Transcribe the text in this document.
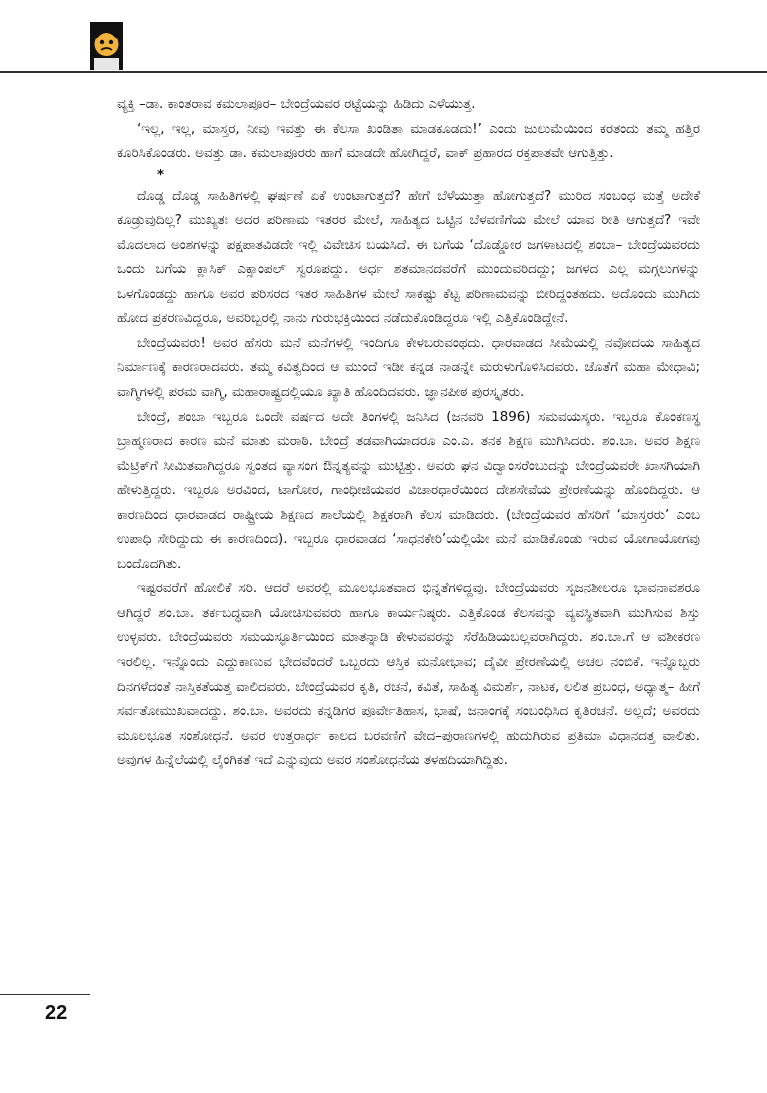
ವ್ಯಕ್ತಿ –ಡಾ. ಕಾಂತರಾವ ಕಮಲಾಪೂರ– ಬೇಂದ್ರೆಯವರ ರಟ್ಟೆಯನ್ನು ಹಿಡಿದು ಎಳೆಯುತ್ತ.

‘ಇಲ್ಲ, ಇಲ್ಲ, ಮಾಸ್ತರ, ನೀವು ಇವತ್ತು ಈ ಕೆಲಸಾ ಖಂಡಿತಾ ಮಾಡಕೂಡದು!’ ಎಂದು ಜುಲುಮೆಯಿಂದ ಕರತಂದು ತಮ್ಮ ಹತ್ತಿರ ಕೂರಿಸಿಕೊಂಡರು. ಅವತ್ತು ಡಾ. ಕಮಲಾಪೂರರು ಹಾಗೆ ಮಾಡದೇ ಹೋಗಿದ್ದರೆ, ವಾಕ್ ಪ್ರಹಾರದ ರಕ್ತಪಾತವೇ ಆಗುತ್ತಿತ್ತು.

*

ದೊಡ್ಡ ದೊಡ್ಡ ಸಾಹಿತಿಗಳಲ್ಲಿ ಘರ್ಷಣೆ ಏಕೆ ಉಂಟಾಗುತ್ತದೆ? ಹೇಗೆ ಬೆಳೆಯುತ್ತಾ ಹೋಗುತ್ತದೆ? ಮುರಿದ ಸಂಬಂಧ ಮತ್ತೆ ಅದೇಕೆ ಕೂಡ್ರುವುದಿಲ್ಲ? ಮುಖ್ಯತಃ ಅದರ ಪರಿಣಾಮ ಇತರರ ಮೇಲೆ, ಸಾಹಿತ್ಯದ ಒಟ್ಟಿನ ಬೆಳವಣಿಗೆಯ ಮೇಲೆ ಯಾವ ರೀತಿ ಆಗುತ್ತದೆ? ಇವೇ ಮೊದಲಾದ ಅಂಶಗಳನ್ನು ಪಕ್ಷಪಾತವಿಡದೇ ಇಲ್ಲಿ ವಿವೇಚಿಸ ಬಯಸಿದೆ. ಈ ಬಗೆಯ ‘ದೊಡ್ಡೋರ ಜಗಳಾಟದಲ್ಲಿ ಶಂಬಾ– ಬೇಂದ್ರೆಯವರದು ಒಂದು ಬಗೆಯ ಕ್ಲಾಸಿಕ್ ಎಕ್ಸಾಂಪಲ್ ಸ್ವರೂಪದ್ದು. ಅರ್ಧ ಶತಮಾನದವರೆಗೆ ಮುಂದುವರಿದದ್ದು; ಜಗಳದ ಎಲ್ಲ ಮಗ್ಗಲುಗಳನ್ನು ಒಳಗೊಂಡದ್ದು ಹಾಗೂ ಅವರ ಪರಿಸರದ ಇತರ ಸಾಹಿತಿಗಳ ಮೇಲೆ ಸಾಕಷ್ಟು ಕೆಟ್ಟ ಪರಿಣಾಮವನ್ನು ಬೀರಿದ್ದಂತಹದು. ಅದೊಂದು ಮುಗಿದು ಹೋದ ಪ್ರಕರಣವಿದ್ದರೂ, ಅವರಿಬ್ಬರಲ್ಲಿ ನಾನು ಗುರುಭಕ್ತಿಯಿಂದ ನಡೆದುಕೊಂಡಿದ್ದರೂ ಇಲ್ಲಿ ಎತ್ತಿಕೊಂಡಿದ್ದೇನೆ.

ಬೇಂದ್ರೆಯವರು! ಅವರ ಹೆಸರು ಮನೆ ಮನೆಗಳಲ್ಲಿ ಇಂದಿಗೂ ಕೇಳಬರುವಂಥದು. ಧಾರವಾಡದ ಸೀಮೆಯಲ್ಲಿ ನವೋದಯ ಸಾಹಿತ್ಯದ ನಿರ್ಮಾಣಕ್ಕೆ ಕಾರಣರಾದವರು. ತಮ್ಮ ಕವಿತ್ವದಿಂದ ಆ ಮುಂದೆ ಇಡೀ ಕನ್ನಡ ನಾಡನ್ನೇ ಮರುಳುಗೊಳಿಸಿದವರು. ಜೊತೆಗೆ ಮಹಾ ಮೇಧಾವಿ; ವಾಗ್ಮಿಗಳಲ್ಲಿ ಪರಮ ವಾಗ್ಮಿ, ಮಹಾರಾಷ್ಟ್ರದಲ್ಲಿಯೂ ಖ್ಯಾತಿ ಹೊಂದಿದವರು. ಜ್ಞಾನಪೀಠ ಪುರಸ್ಕೃತರು.

ಬೇಂದ್ರೆ, ಶಂಬಾ ಇಬ್ಬರೂ ಒಂದೇ ವರ್ಷದ ಅದೇ ತಿಂಗಳಲ್ಲಿ ಜನಿಸಿದ (ಜನವರಿ 1896) ಸಮವಯಸ್ಕರು. ಇಬ್ಬರೂ ಕೊಂಕಣಸ್ಥ ಬ್ರಾಹ್ಮಣರಾದ ಕಾರಣ ಮನೆ ಮಾತು ಮರಾಠಿ. ಬೇಂದ್ರೆ ತಡವಾಗಿಯಾದರೂ ಎಂ.ಎ. ತನಕ ಶಿಕ್ಷಣ ಮುಗಿಸಿದರು. ಶಂ.ಬಾ. ಅವರ ಶಿಕ್ಷಣ ಮೆಟ್ರಿಕ್‌ಗೆ ಸೀಮಿತವಾಗಿದ್ದರೂ ಸ್ವಂತದ ವ್ಯಾಸಂಗ ಔನ್ನತ್ಯವನ್ನು ಮುಟ್ಟಿತ್ತು. ಅವರು ಘನ ವಿದ್ವಾಂಸರೆಂಬುದನ್ನು ಬೇಂದ್ರೆಯವರೇ ಖಾಸಗಿಯಾಗಿ ಹೇಳುತ್ತಿದ್ದರು. ಇಬ್ಬರೂ ಅರವಿಂದ, ಟಾಗೋರ, ಗಾಂಧೀಜಿಯವರ ವಿಚಾರಧಾರೆಯಿಂದ ದೇಶಸೇವೆಯ ಪ್ರೇರಣೆಯನ್ನು ಹೊಂದಿದ್ದರು. ಆ ಕಾರಣದಿಂದ ಧಾರವಾಡದ ರಾಷ್ಟ್ರೀಯ ಶಿಕ್ಷಣದ ಶಾಲೆಯಲ್ಲಿ ಶಿಕ್ಷಕರಾಗಿ ಕೆಲಸ ಮಾಡಿದರು. (ಬೇಂದ್ರೆಯವರ ಹೆಸರಿಗೆ ‘ಮಾಸ್ತರರು’ ಎಂಬ ಉಪಾಧಿ ಸೇರಿದ್ದುದು ಈ ಕಾರಣದಿಂದ). ಇಬ್ಬರೂ ಧಾರವಾಡದ ‘ಸಾಧನಕೇರಿ’ಯಲ್ಲಿಯೇ ಮನೆ ಮಾಡಿಕೊಂಡು ಇರುವ ಯೋಗಾಯೋಗವು ಬಂದೊದಗಿತು.

ಇಷ್ಟರವರೆಗೆ ಹೋಲಿಕೆ ಸರಿ. ಆದರೆ ಅವರಲ್ಲಿ ಮೂಲಭೂತವಾದ ಭಿನ್ನತೆಗಳಿದ್ದವು. ಬೇಂದ್ರೆಯವರು ಸೃಜನಶೀಲರೂ ಭಾವನಾವಶರೂ ಆಗಿದ್ದರೆ ಶಂ.ಬಾ. ತರ್ಕಬದ್ಧವಾಗಿ ಯೋಚಿಸುವವರು ಹಾಗೂ ಕಾರ್ಯನಿಷ್ಠರು. ಎತ್ತಿಕೊಂಡ ಕೆಲಸವನ್ನು ವ್ಯವಸ್ಥಿತವಾಗಿ ಮುಗಿಸುವ ಶಿಸ್ತು ಉಳ್ಳವರು. ಬೇಂದ್ರೆಯವರು ಸಮಯಸ್ಫೂರ್ತಿಯಿಂದ ಮಾತನ್ನಾಡಿ ಕೇಳುವವರನ್ನು ಸೆರೆಹಿಡಿಯಬಲ್ಲವರಾಗಿದ್ದರು. ಶಂ.ಬಾ.ಗೆ ಆ ವಶೀಕರಣ ಇರಲಿಲ್ಲ. ಇನ್ನೊಂದು ಎದ್ದುಕಾಣುವ ಭೇದವೆಂದರೆ ಒಬ್ಬರದು ಆಸ್ತಿಕ ಮನೋಭಾವ; ದೈವೀ ಪ್ರೇರಣೆಯಲ್ಲಿ ಅಚಲ ನಂಬಿಕೆ. ಇನ್ನೊಬ್ಬರು ದಿನಗಳೆದಂತೆ ನಾಸ್ತಿಕತೆಯತ್ತ ವಾಲಿದವರು. ಬೇಂದ್ರೆಯವರ ಕೃತಿ, ರಚನೆ, ಕವಿತೆ, ಸಾಹಿತ್ಯ ವಿಮರ್ಶೆ, ನಾಟಕ, ಲಲಿತ ಪ್ರಬಂಧ, ಅಧ್ಯಾತ್ಮ– ಹೀಗೆ ಸರ್ವತೋಮುಖವಾದದ್ದು. ಶಂ.ಬಾ. ಅವರದು ಕನ್ನಡಿಗರ ಪೂರ್ವೇತಿಹಾಸ, ಭಾಷೆ, ಜನಾಂಗಕ್ಕೆ ಸಂಬಂಧಿಸಿದ ಕೃತಿರಚನೆ. ಅಲ್ಲದೆ; ಅವರದು ಮೂಲಭೂತ ಸಂಶೋಧನೆ. ಅವರ ಉತ್ತರಾರ್ಧ ಕಾಲದ ಬರವಣಿಗೆ ವೇದ–ಪುರಾಣಗಳಲ್ಲಿ ಹುದುಗಿರುವ ಪ್ರತಿಮಾ ವಿಧಾನದತ್ತ ವಾಲಿತು. ಅವುಗಳ ಹಿನ್ನೆಲೆಯಲ್ಲಿ ಲೈಂಗಿಕತೆ ಇದೆ ಎನ್ನುವುದು ಅವರ ಸಂಶೋಧನೆಯ ತಳಹದಿಯಾಗಿದ್ದಿತು.

22
